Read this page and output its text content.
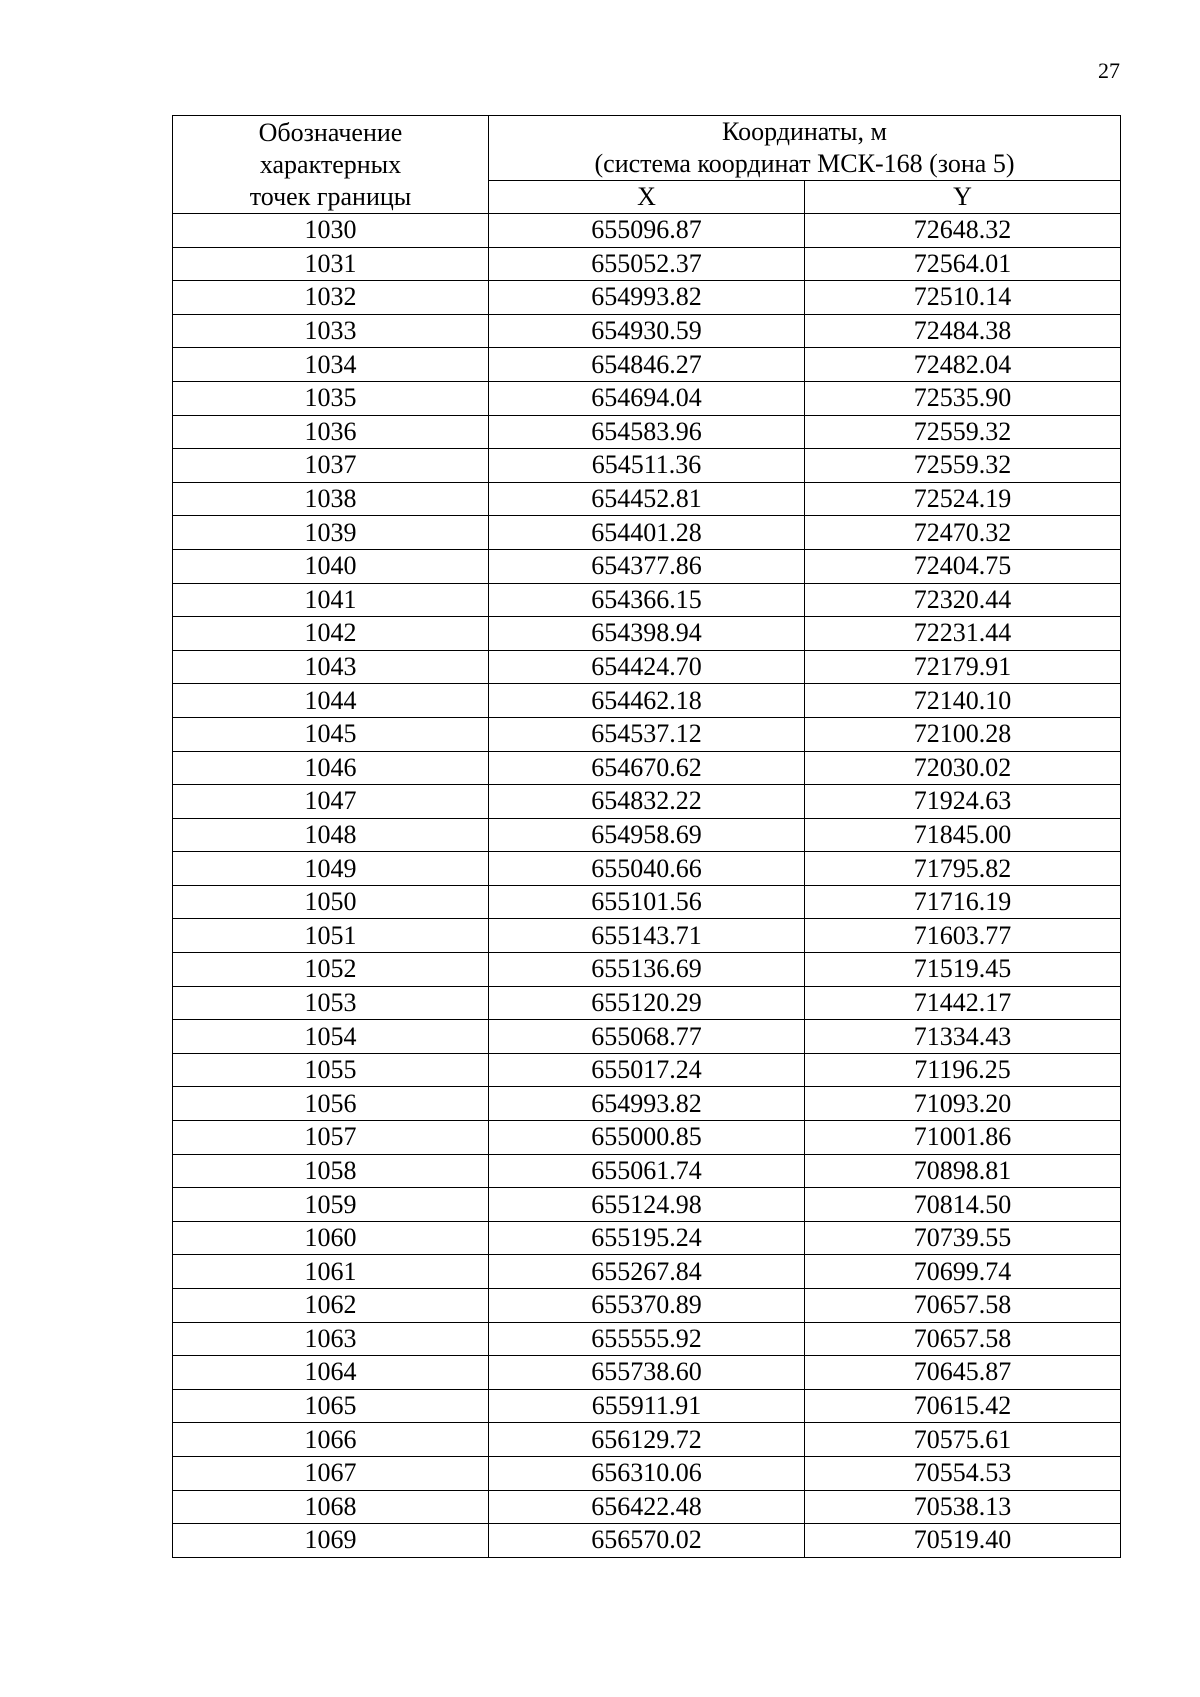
27
Обозначение
характерных
точек границы	Координаты, м
(система координат МСК-168 (зона 5)	

	X	Y
1030	655096.87	72648.32
1031	655052.37	72564.01
1032	654993.82	72510.14
1033	654930.59	72484.38
1034	654846.27	72482.04
1035	654694.04	72535.90
1036	654583.96	72559.32
1037	654511.36	72559.32
1038	654452.81	72524.19
1039	654401.28	72470.32
1040	654377.86	72404.75
1041	654366.15	72320.44
1042	654398.94	72231.44
1043	654424.70	72179.91
1044	654462.18	72140.10
1045	654537.12	72100.28
1046	654670.62	72030.02
1047	654832.22	71924.63
1048	654958.69	71845.00
1049	655040.66	71795.82
1050	655101.56	71716.19
1051	655143.71	71603.77
1052	655136.69	71519.45
1053	655120.29	71442.17
1054	655068.77	71334.43
1055	655017.24	71196.25
1056	654993.82	71093.20
1057	655000.85	71001.86
1058	655061.74	70898.81
1059	655124.98	70814.50
1060	655195.24	70739.55
1061	655267.84	70699.74
1062	655370.89	70657.58
1063	655555.92	70657.58
1064	655738.60	70645.87
1065	655911.91	70615.42
1066	656129.72	70575.61
1067	656310.06	70554.53
1068	656422.48	70538.13
1069	656570.02	70519.40
